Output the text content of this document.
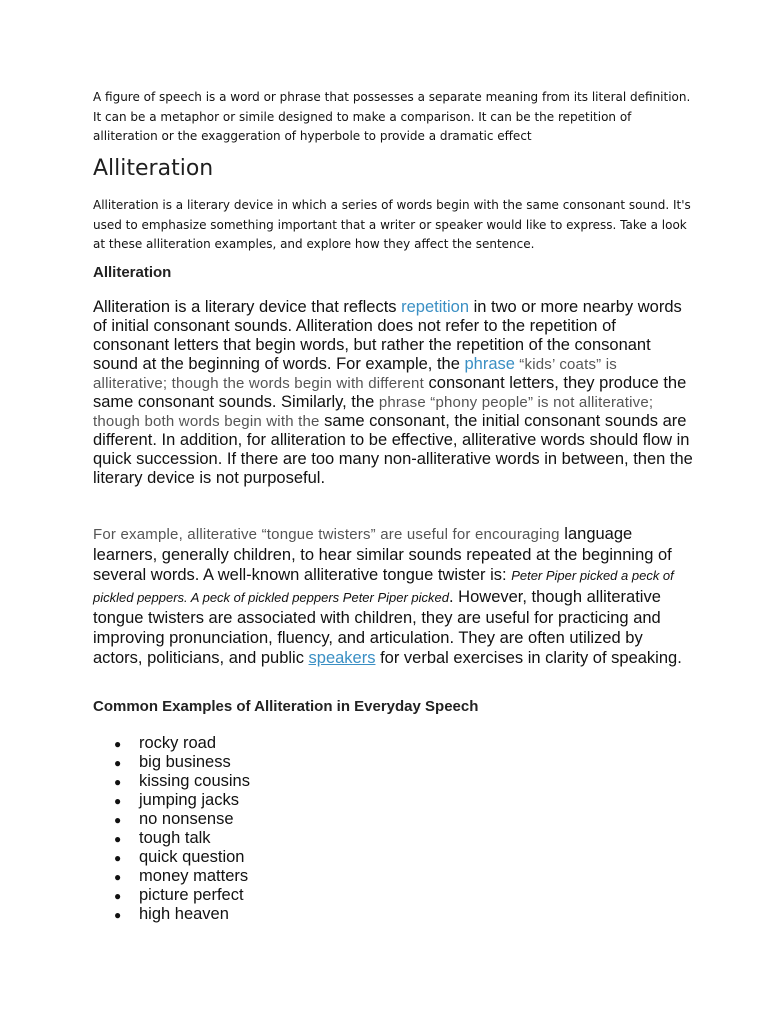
A figure of speech is a word or phrase that possesses a separate meaning from its literal definition. It can be a metaphor or simile designed to make a comparison. It can be the repetition of alliteration or the exaggeration of hyperbole to provide a dramatic effect

Alliteration

Alliteration is a literary device in which a series of words begin with the same consonant sound. It's used to emphasize something important that a writer or speaker would like to express. Take a look at these alliteration examples, and explore how they affect the sentence.

Alliteration

Alliteration is a literary device that reflects repetition in two or more nearby words of initial consonant sounds. Alliteration does not refer to the repetition of consonant letters that begin words, but rather the repetition of the consonant sound at the beginning of words. For example, the phrase “kids’ coats” is alliterative; though the words begin with different consonant letters, they produce the same consonant sounds. Similarly, the phrase “phony people” is not alliterative; though both words begin with the same consonant, the initial consonant sounds are different. In addition, for alliteration to be effective, alliterative words should flow in quick succession. If there are too many non-alliterative words in between, then the literary device is not purposeful.

For example, alliterative “tongue twisters” are useful for encouraging language learners, generally children, to hear similar sounds repeated at the beginning of several words. A well-known alliterative tongue twister is: Peter Piper picked a peck of pickled peppers. A peck of pickled peppers Peter Piper picked. However, though alliterative tongue twisters are associated with children, they are useful for practicing and improving pronunciation, fluency, and articulation. They are often utilized by actors, politicians, and public speakers for verbal exercises in clarity of speaking.

Common Examples of Alliteration in Everyday Speech
● rocky road
● big business
● kissing cousins
● jumping jacks
● no nonsense
● tough talk
● quick question
● money matters
● picture perfect
● high heaven
